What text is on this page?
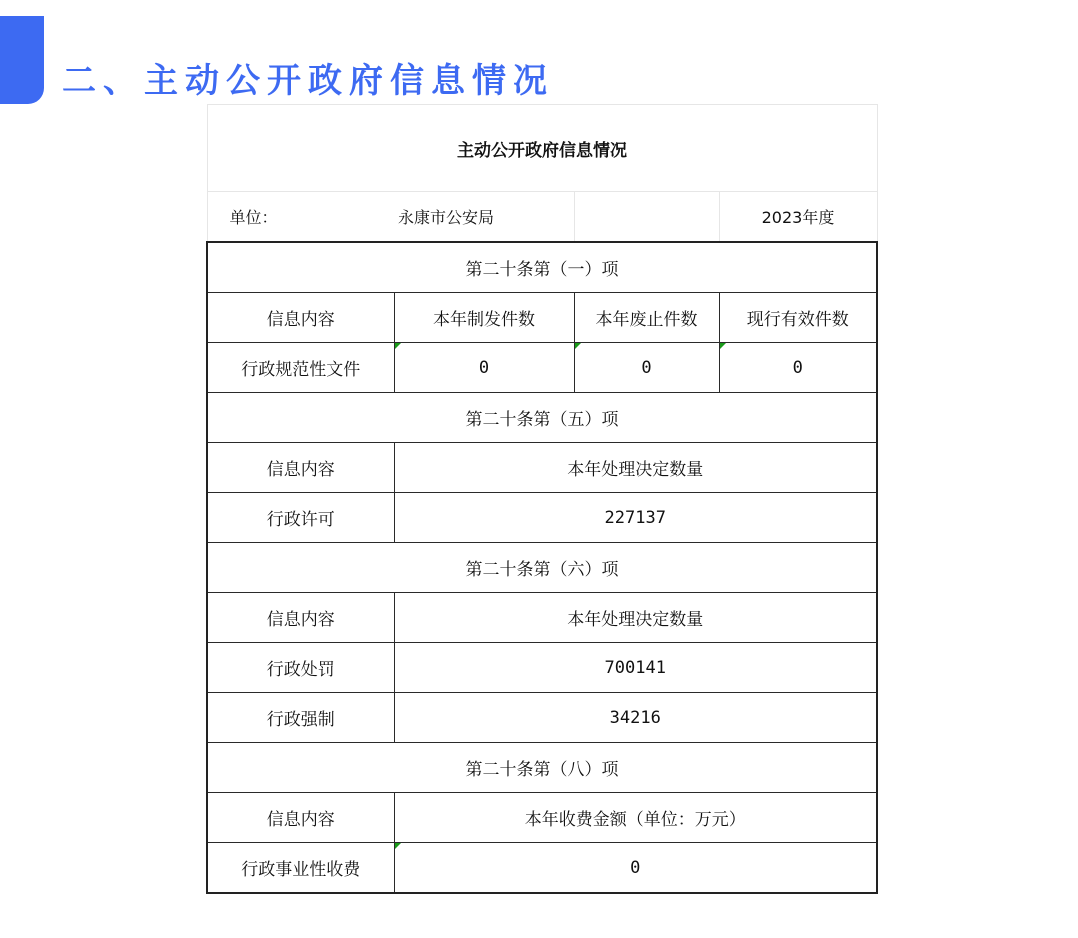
二、主动公开政府信息情况
主动公开政府信息情况			
单位：	永康市公安局		2023年度
第二十条第（一）项			
信息内容	本年制发件数	本年废止件数	现行有效件数
行政规范性文件	0	0	0
第二十条第（五）项			
信息内容	本年处理决定数量		
行政许可	227137		
第二十条第（六）项			
信息内容	本年处理决定数量		
行政处罚	700141		
行政强制	34216		
第二十条第（八）项			
信息内容	本年收费金额（单位：万元）		
行政事业性收费	0		
